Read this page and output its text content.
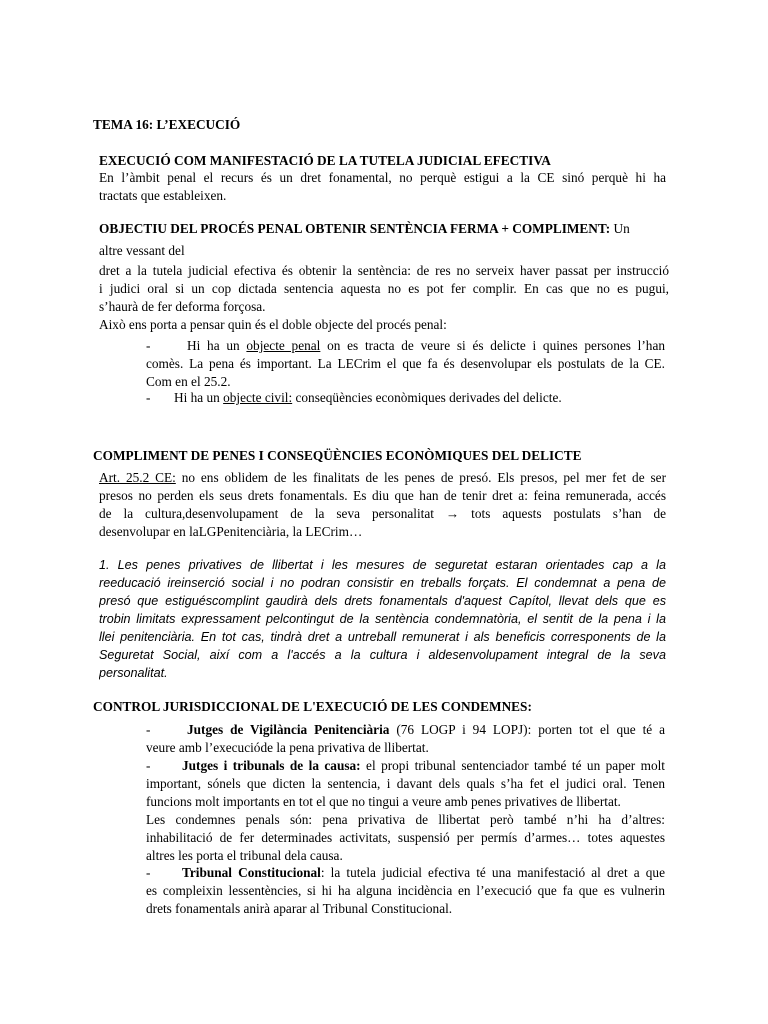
TEMA 16: L’EXECUCIÓ
EXECUCIÓ COM MANIFESTACIÓ DE LA TUTELA JUDICIAL EFECTIVA
En l’àmbit penal el recurs és un dret fonamental, no perquè estigui a la CE sinó perquè hi ha
tractats que estableixen.
OBJECTIU DEL PROCÉS PENAL OBTENIR SENTÈNCIA FERMA + COMPLIMENT: Un
altre vessant del
dret a la tutela judicial efectiva és obtenir la sentència: de res no serveix haver passat per instrucció
i judici oral si un cop dictada sentencia aquesta no es pot fer complir. En cas que no es pugui,
s’haurà de fer deforma forçosa.
Això ens porta a pensar quin és el doble objecte del procés penal:
-	Hi ha un objecte penal on es tracta de veure si és delicte i quines persones l’han
comès. La pena és important. La LECrim el que fa és desenvolupar els postulats de la CE.
Com en el 25.2.
- Hi ha un objecte civil: conseqüències econòmiques derivades del delicte.
COMPLIMENT DE PENES I CONSEQÜÈNCIES ECONÒMIQUES DEL DELICTE
Art. 25.2 CE: no ens oblidem de les finalitats de les penes de presó. Els presos, pel mer fet de ser
presos no perden els seus drets fonamentals. Es diu que han de tenir dret a: feina remunerada, accés
de la cultura,desenvolupament de la seva personalitat → tots aquests postulats s’han de
desenvolupar en laLGPenitenciària, la LECrim…
1. Les penes privatives de llibertat i les mesures de seguretat estaran orientades cap a la
reeducació ireinserció social i no podran consistir en treballs forçats. El condemnat a pena de
presó que estiguéscomplint gaudirà dels drets fonamentals d'aquest Capítol, llevat dels que es
trobin limitats expressament pelcontingut de la sentència condemnatòria, el sentit de la pena i la
llei penitenciària. En tot cas, tindrà dret a untreball remunerat i als beneficis corresponents de la
Seguretat Social, així com a l'accés a la cultura i aldesenvolupament integral de la seva
personalitat.
CONTROL JURISDICCIONAL DE L'EXECUCIÓ DE LES CONDEMNES:
-	Jutges de Vigilància Penitenciària (76 LOGP i 94 LOPJ): porten tot el que té a
veure amb l’execucióde la pena privativa de llibertat.
- Jutges i tribunals de la causa: el propi tribunal sentenciador també té un paper molt
important, sónels que dicten la sentencia, i davant dels quals s’ha fet el judici oral. Tenen
funcions molt importants en tot el que no tingui a veure amb penes privatives de llibertat.
Les condemnes penals són: pena privativa de llibertat però també n’hi ha d’altres:
inhabilitació de fer determinades activitats, suspensió per permís d’armes… totes aquestes
altres les porta el tribunal dela causa.
- Tribunal Constitucional: la tutela judicial efectiva té una manifestació al dret a que
es compleixin lessentències, si hi ha alguna incidència en l’execució que fa que es vulnerin
drets fonamentals anirà aparar al Tribunal Constitucional.
